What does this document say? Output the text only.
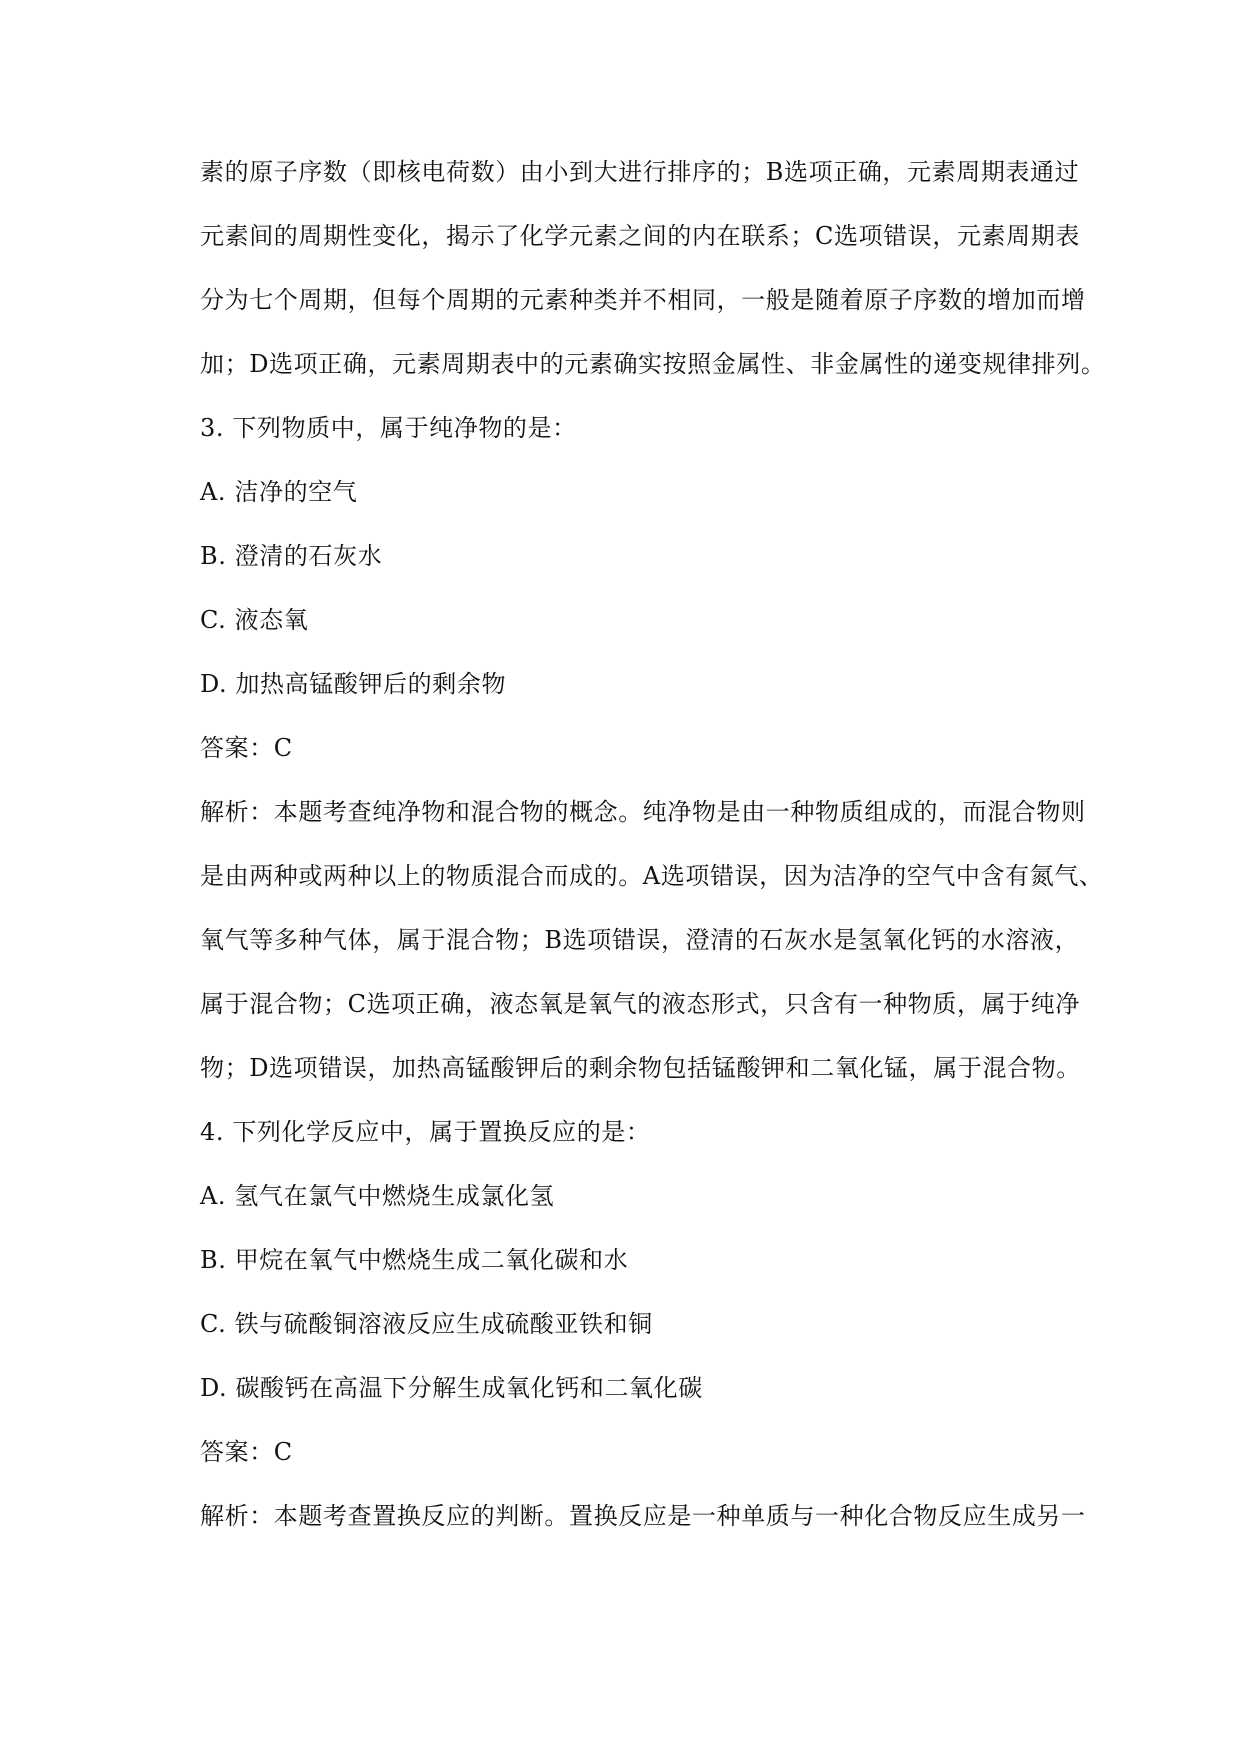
素的原子序数（即核电荷数）由小到大进行排序的；B选项正确，元素周期表通过
元素间的周期性变化，揭示了化学元素之间的内在联系；C选项错误，元素周期表
分为七个周期，但每个周期的元素种类并不相同，一般是随着原子序数的增加而增
加；D选项正确，元素周期表中的元素确实按照金属性、非金属性的递变规律排列。
3. 下列物质中，属于纯净物的是：
A. 洁净的空气
B. 澄清的石灰水
C. 液态氧
D. 加热高锰酸钾后的剩余物
答案：C
解析：本题考查纯净物和混合物的概念。纯净物是由一种物质组成的，而混合物则
是由两种或两种以上的物质混合而成的。A选项错误，因为洁净的空气中含有氮气、
氧气等多种气体，属于混合物；B选项错误，澄清的石灰水是氢氧化钙的水溶液，
属于混合物；C选项正确，液态氧是氧气的液态形式，只含有一种物质，属于纯净
物；D选项错误，加热高锰酸钾后的剩余物包括锰酸钾和二氧化锰，属于混合物。
4. 下列化学反应中，属于置换反应的是：
A. 氢气在氯气中燃烧生成氯化氢
B. 甲烷在氧气中燃烧生成二氧化碳和水
C. 铁与硫酸铜溶液反应生成硫酸亚铁和铜
D. 碳酸钙在高温下分解生成氧化钙和二氧化碳
答案：C
解析：本题考查置换反应的判断。置换反应是一种单质与一种化合物反应生成另一
